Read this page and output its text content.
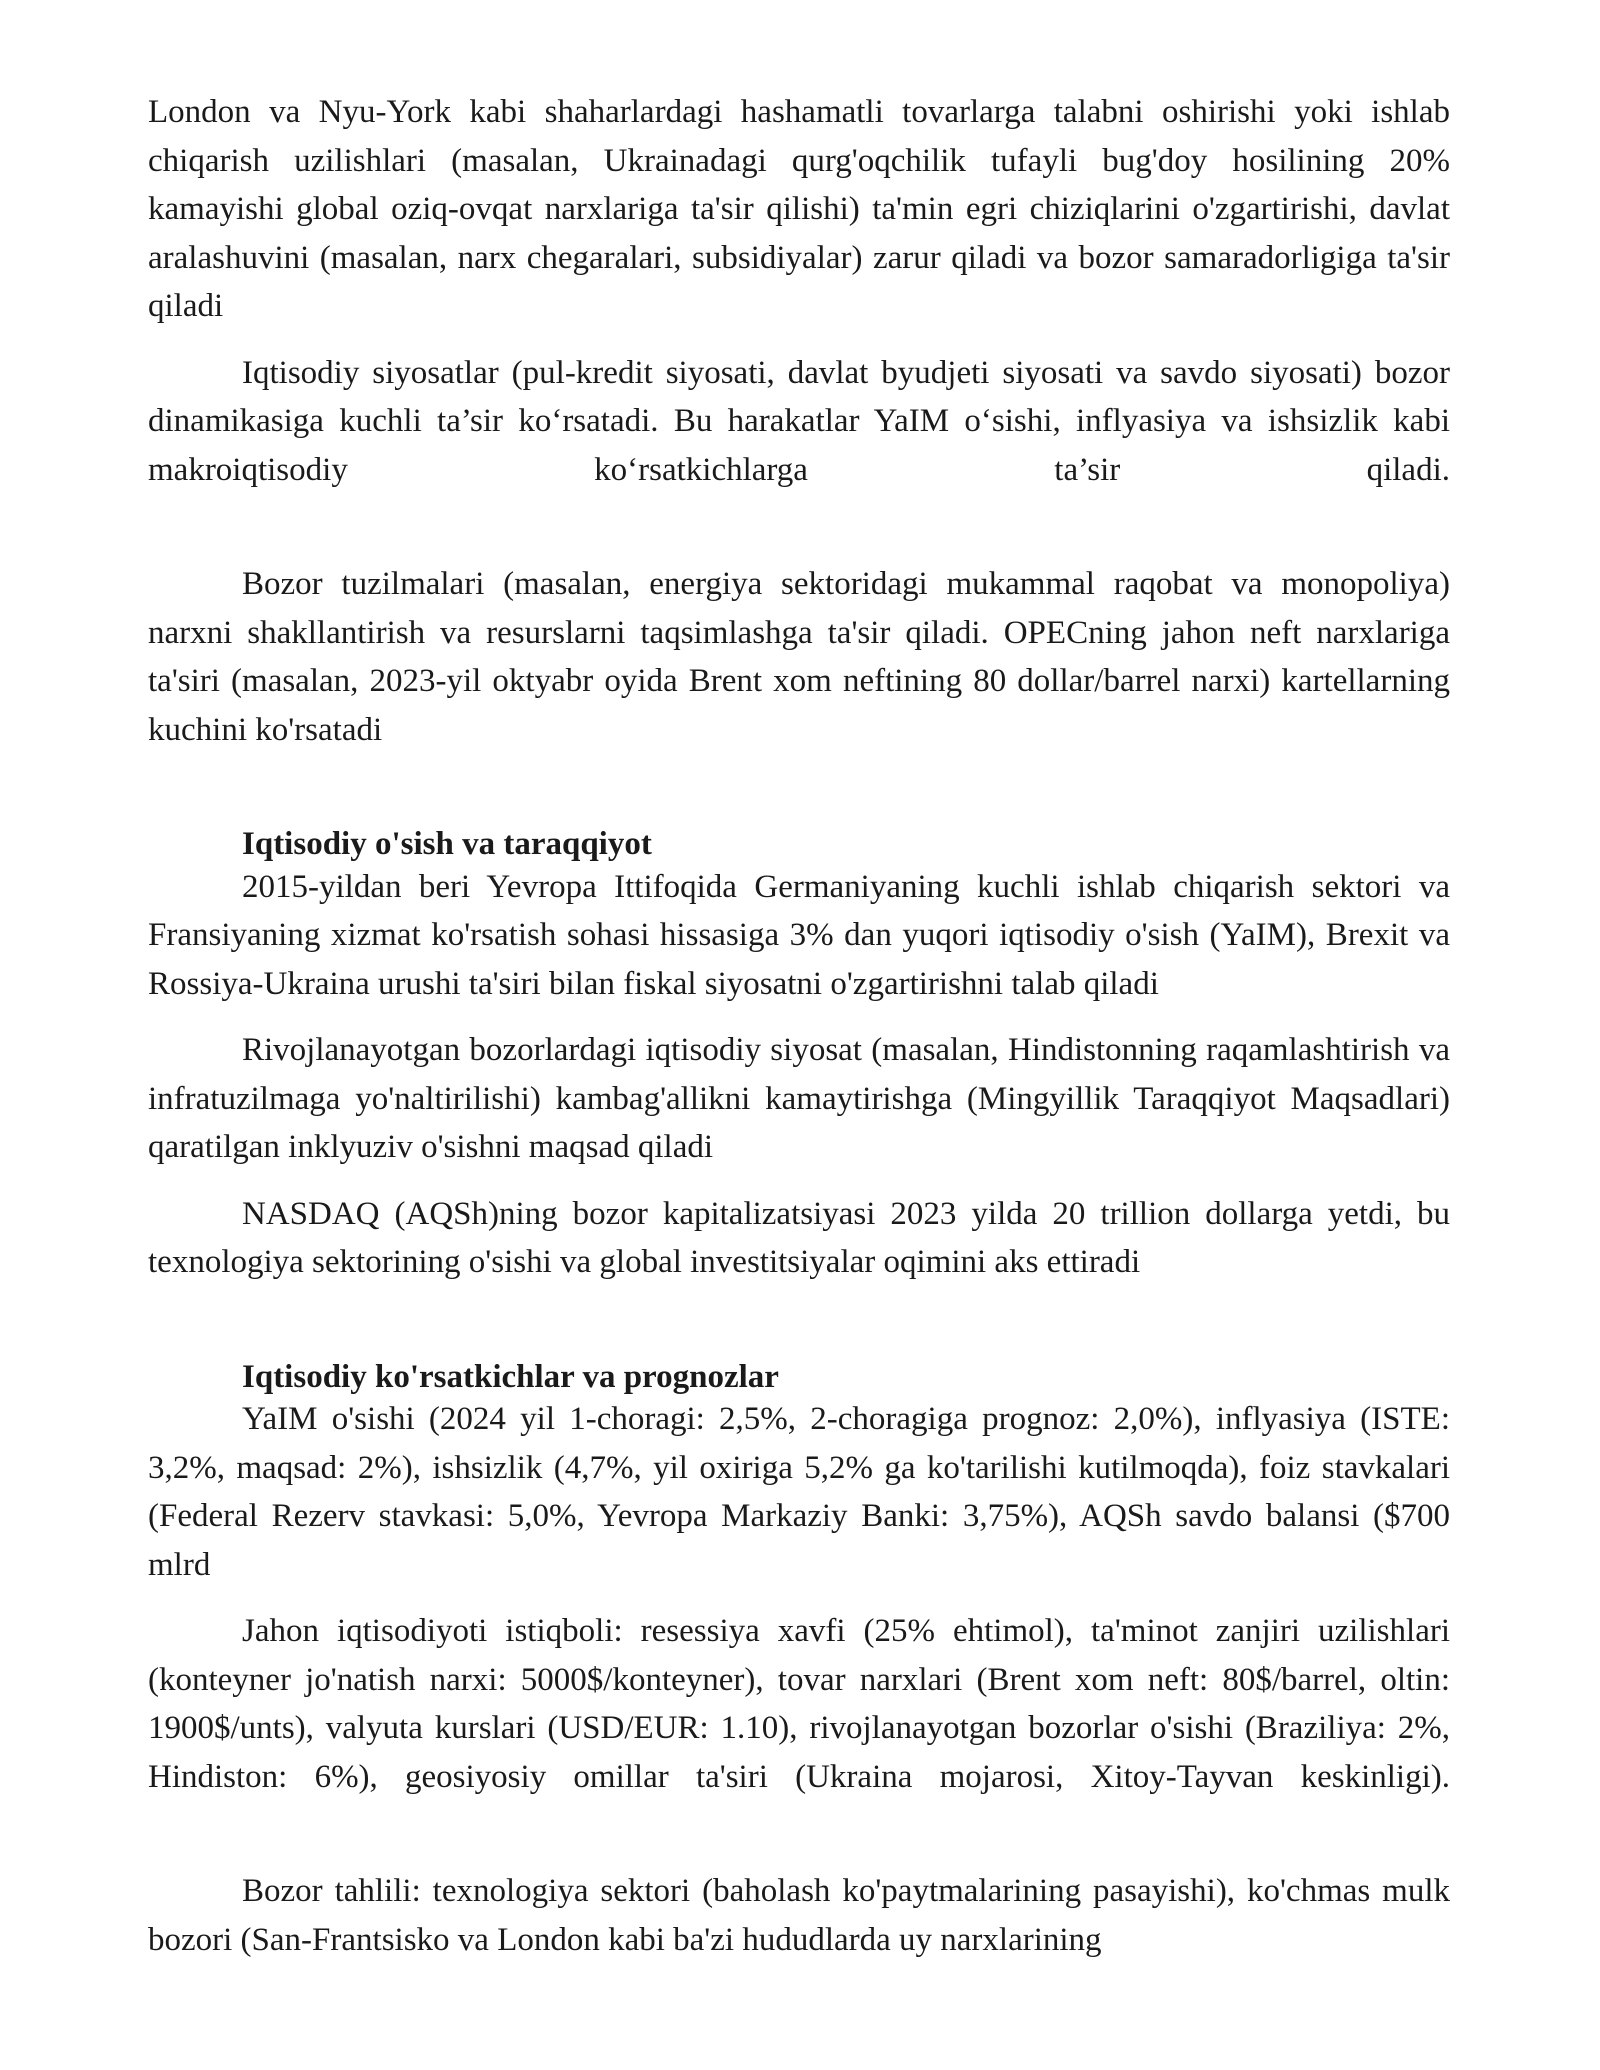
London va Nyu-York kabi shaharlardagi hashamatli tovarlarga talabni oshirishi yoki ishlab chiqarish uzilishlari (masalan, Ukrainadagi qurg'oqchilik tufayli bug'doy hosilining 20% kamayishi global oziq-ovqat narxlariga ta'sir qilishi) ta'min egri chiziqlarini o'zgartirishi, davlat aralashuvini (masalan, narx chegaralari, subsidiyalar) zarur qiladi va bozor samaradorligiga ta'sir qiladi

Iqtisodiy siyosatlar (pul-kredit siyosati, davlat byudjeti siyosati va savdo siyosati) bozor dinamikasiga kuchli ta’sir ko‘rsatadi. Bu harakatlar YaIM o‘sishi, inflyasiya va ishsizlik kabi makroiqtisodiy ko‘rsatkichlarga ta’sir qiladi.

Bozor tuzilmalari (masalan, energiya sektoridagi mukammal raqobat va monopoliya) narxni shakllantirish va resurslarni taqsimlashga ta'sir qiladi. OPECning jahon neft narxlariga ta'siri (masalan, 2023-yil oktyabr oyida Brent xom neftining 80 dollar/barrel narxi) kartellarning kuchini ko'rsatadi

Iqtisodiy o'sish va taraqqiyot

2015-yildan beri Yevropa Ittifoqida Germaniyaning kuchli ishlab chiqarish sektori va Fransiyaning xizmat ko'rsatish sohasi hissasiga 3% dan yuqori iqtisodiy o'sish (YaIM), Brexit va Rossiya-Ukraina urushi ta'siri bilan fiskal siyosatni o'zgartirishni talab qiladi

Rivojlanayotgan bozorlardagi iqtisodiy siyosat (masalan, Hindistonning raqamlashtirish va infratuzilmaga yo'naltirilishi) kambag'allikni kamaytirishga (Mingyillik Taraqqiyot Maqsadlari) qaratilgan inklyuziv o'sishni maqsad qiladi

NASDAQ (AQSh)ning bozor kapitalizatsiyasi 2023 yilda 20 trillion dollarga yetdi, bu texnologiya sektorining o'sishi va global investitsiyalar oqimini aks ettiradi

Iqtisodiy ko'rsatkichlar va prognozlar

YaIM o'sishi (2024 yil 1-choragi: 2,5%, 2-choragiga prognoz: 2,0%), inflyasiya (ISTE: 3,2%, maqsad: 2%), ishsizlik (4,7%, yil oxiriga 5,2% ga ko'tarilishi kutilmoqda), foiz stavkalari (Federal Rezerv stavkasi: 5,0%, Yevropa Markaziy Banki: 3,75%), AQSh savdo balansi ($700 mlrd

Jahon iqtisodiyoti istiqboli: resessiya xavfi (25% ehtimol), ta'minot zanjiri uzilishlari (konteyner jo'natish narxi: 5000$/konteyner), tovar narxlari (Brent xom neft: 80$/barrel, oltin: 1900$/unts), valyuta kurslari (USD/EUR: 1.10), rivojlanayotgan bozorlar o'sishi (Braziliya: 2%, Hindiston: 6%), geosiyosiy omillar ta'siri (Ukraina mojarosi, Xitoy-Tayvan keskinligi).

Bozor tahlili: texnologiya sektori (baholash ko'paytmalarining pasayishi), ko'chmas mulk bozori (San-Frantsisko va London kabi ba'zi hududlarda uy narxlarining
